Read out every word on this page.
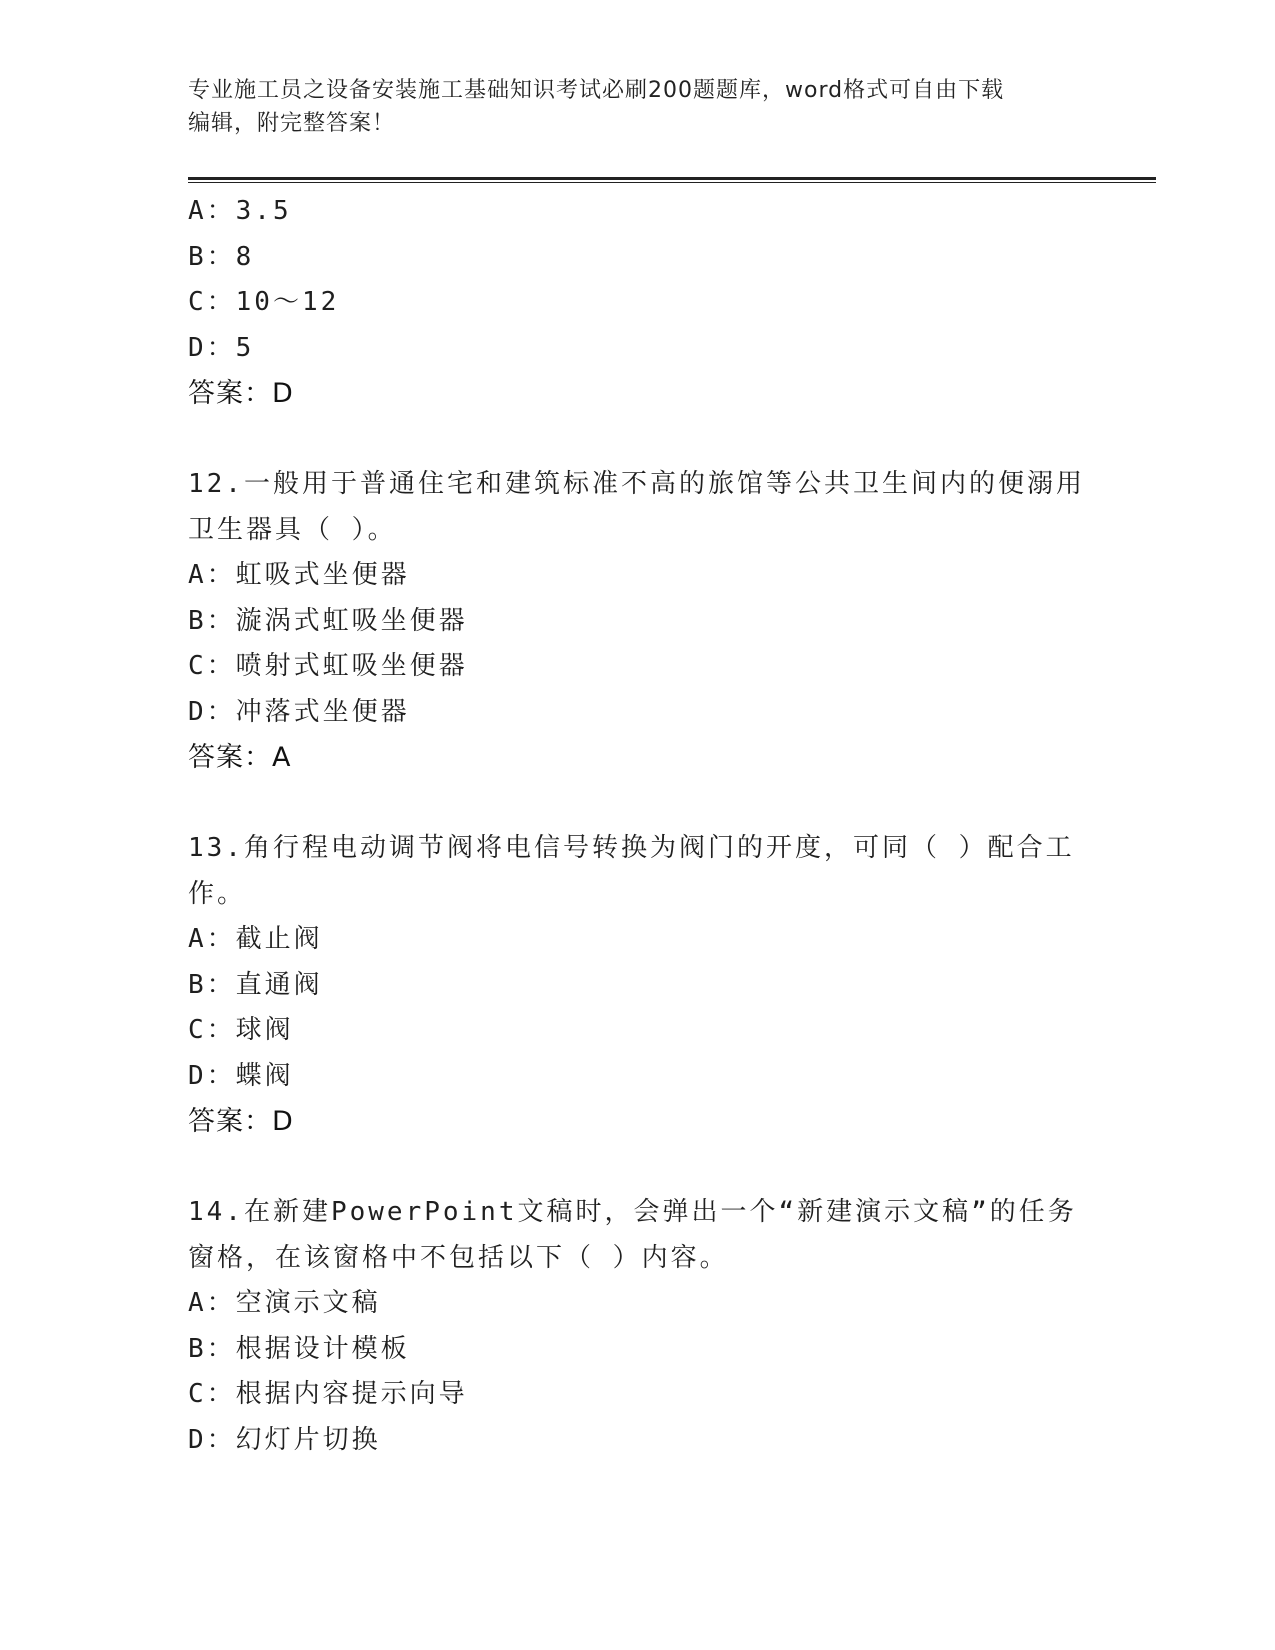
专业施工员之设备安装施工基础知识考试必刷200题题库，word格式可自由下载
编辑，附完整答案！
A：3.5
B：8
C：10～12
D：5
答案：D
12.一般用于普通住宅和建筑标准不高的旅馆等公共卫生间内的便溺用
卫生器具（ ）。
A：虹吸式坐便器
B：漩涡式虹吸坐便器
C：喷射式虹吸坐便器
D：冲落式坐便器
答案：A
13.角行程电动调节阀将电信号转换为阀门的开度，可同（ ）配合工
作。
A：截止阀
B：直通阀
C：球阀
D：蝶阀
答案：D
14.在新建PowerPoint文稿时，会弹出一个“新建演示文稿”的任务
窗格，在该窗格中不包括以下（ ）内容。
A：空演示文稿
B：根据设计模板
C：根据内容提示向导
D：幻灯片切换
